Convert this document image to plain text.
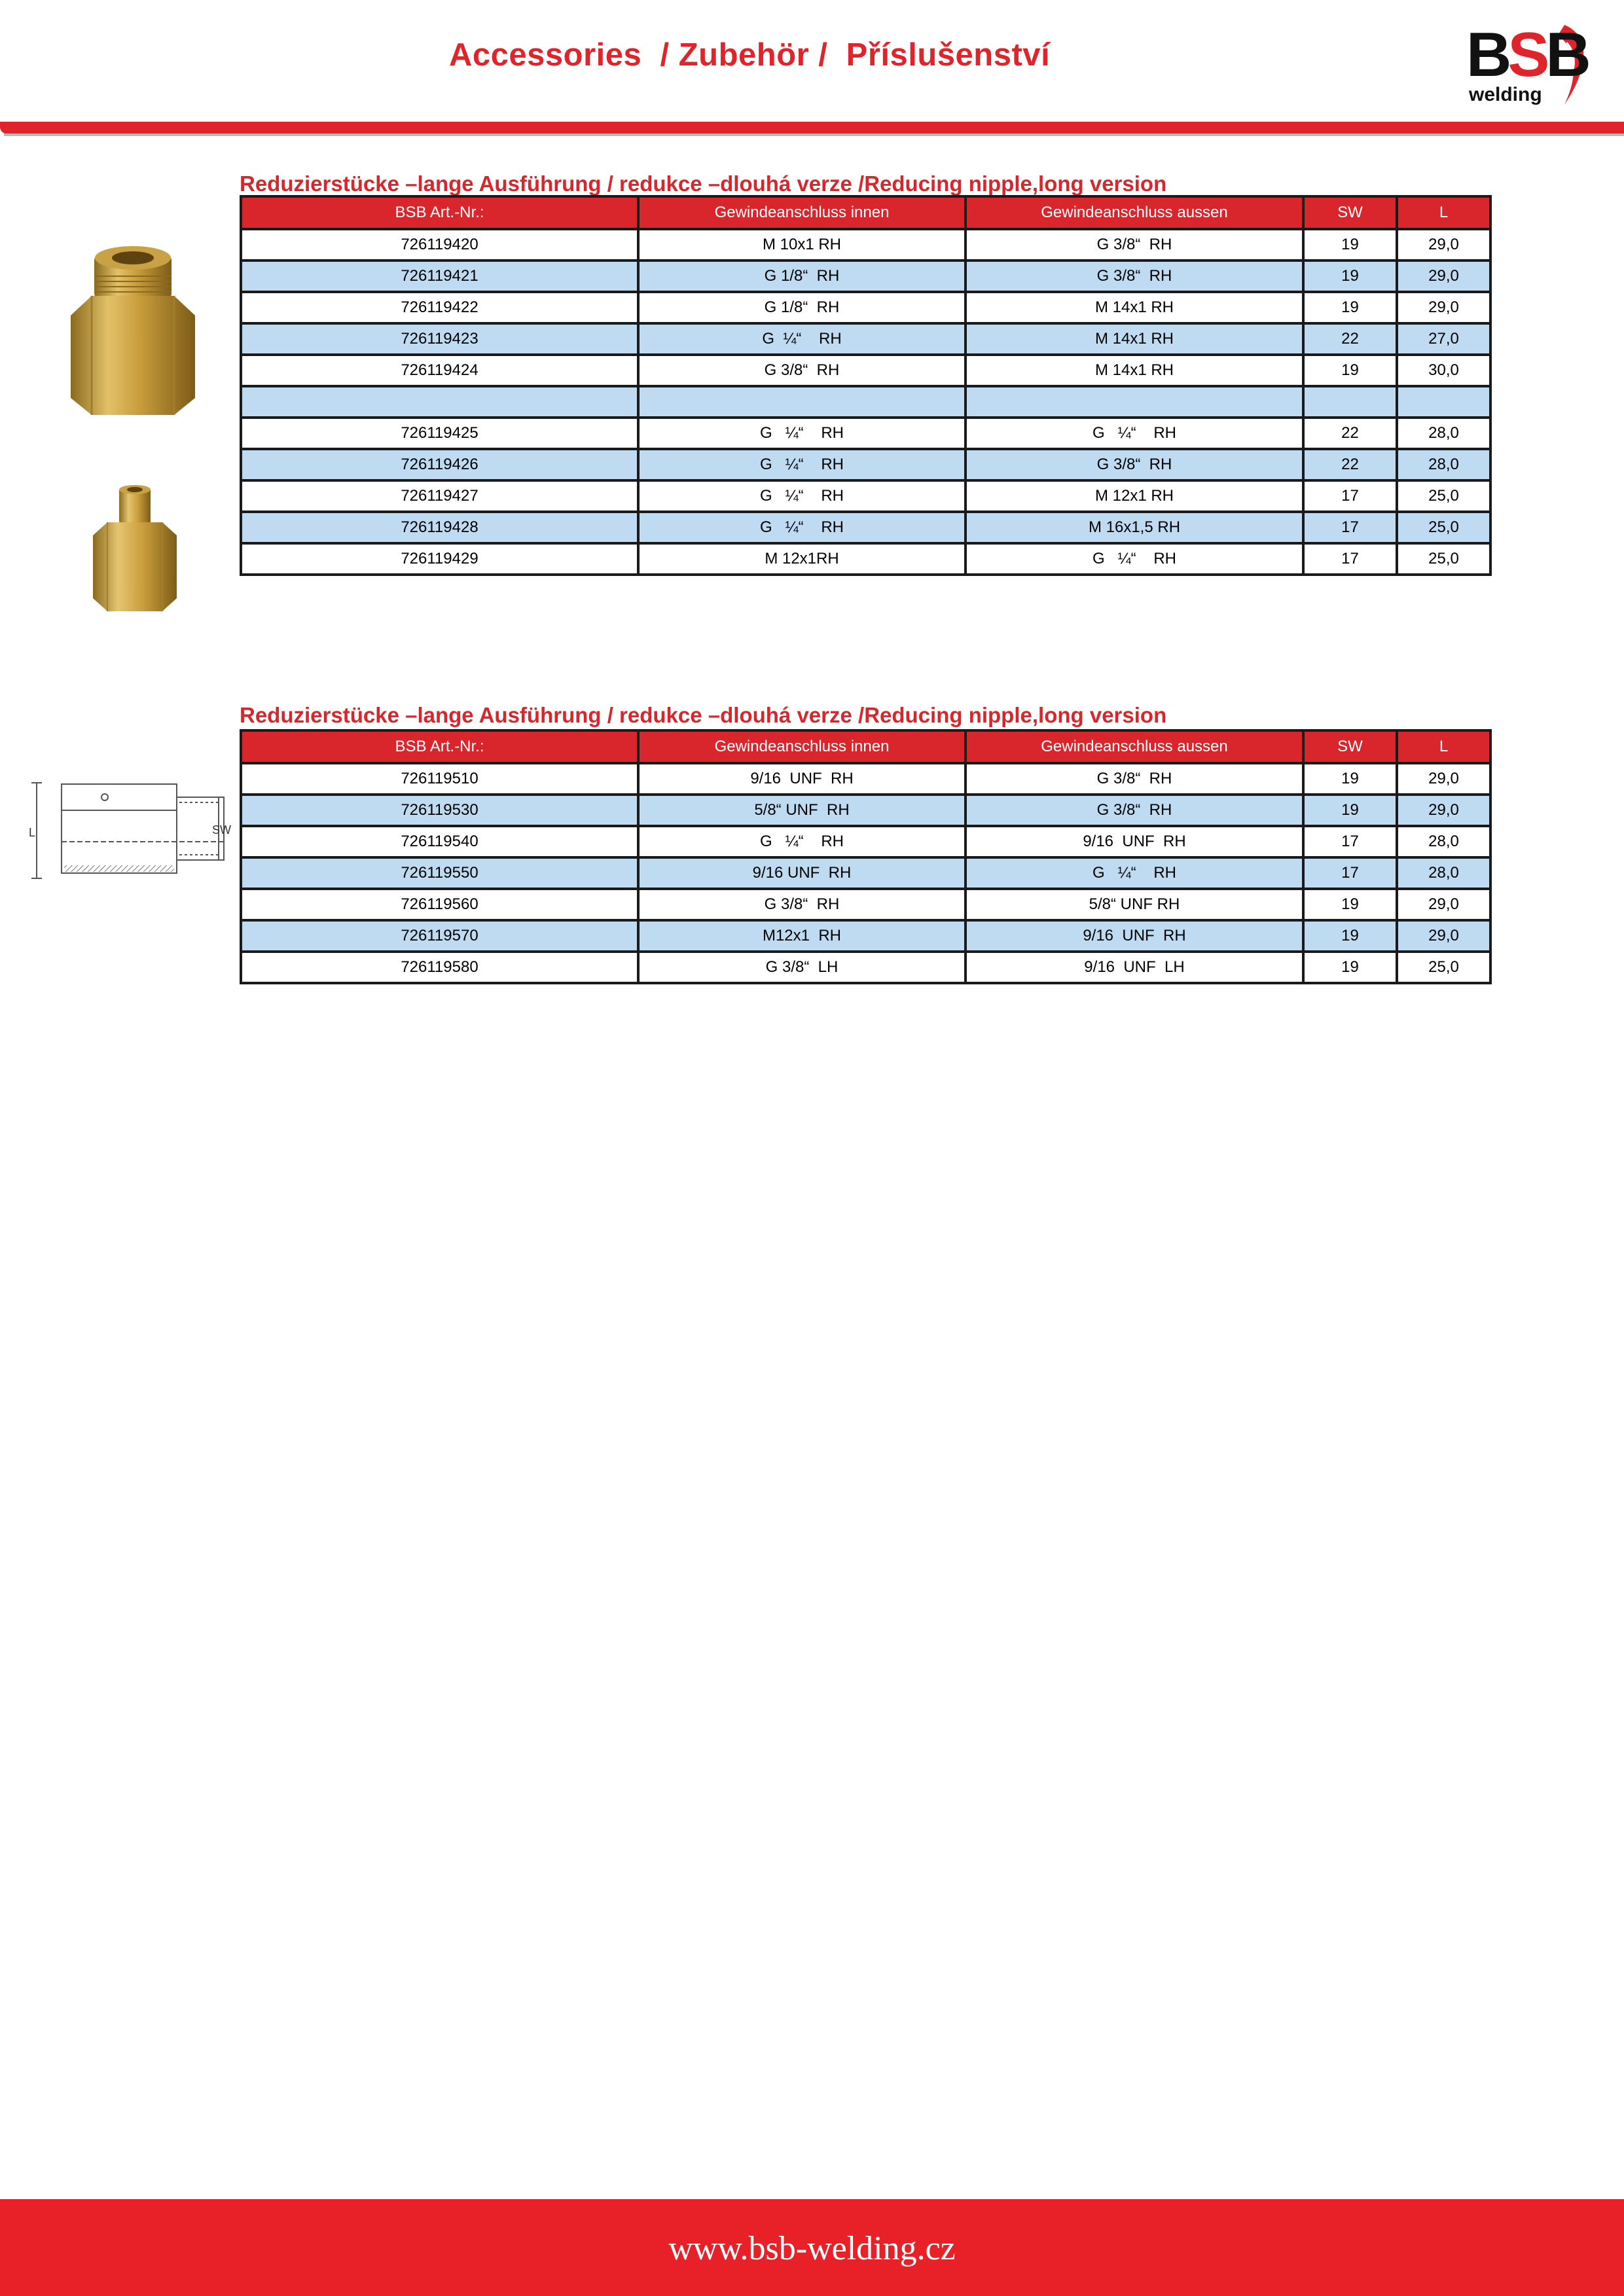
Accessories  / Zubehör /  Příslušenství	BSB
welding
Reduzierstücke –lange Ausführung / redukce –dlouhá verze /Reducing nipple,long version
BSB Art.-Nr.:	Gewindeanschluss innen	Gewindeanschluss aussen	SW	L
726119420	M 10x1 RH	G 3/8“  RH	19	29,0
726119421	G 1/8“  RH	G 3/8“  RH	19	29,0
726119422	G 1/8“  RH	M 14x1 RH	19	29,0
726119423	G  ¼“    RH	M 14x1 RH	22	27,0
726119424	G 3/8“  RH	M 14x1 RH	19	30,0

726119425	G   ¼“    RH	G   ¼“    RH	22	28,0
726119426	G   ¼“    RH	G 3/8“  RH	22	28,0
726119427	G   ¼“    RH	M 12x1 RH	17	25,0
726119428	G   ¼“    RH	M 16x1,5 RH	17	25,0
726119429	M 12x1RH	G   ¼“    RH	17	25,0
L	SW
Reduzierstücke –lange Ausführung / redukce –dlouhá verze /Reducing nipple,long version
BSB Art.-Nr.:	Gewindeanschluss innen	Gewindeanschluss aussen	SW	L
726119510	9/16  UNF  RH	G 3/8“  RH	19	29,0
726119530	5/8“ UNF  RH	G 3/8“  RH	19	29,0
726119540	G   ¼“    RH	9/16  UNF  RH	17	28,0
726119550	9/16 UNF  RH	G   ¼“    RH	17	28,0
726119560	G 3/8“  RH	5/8“ UNF RH	19	29,0
726119570	M12x1  RH	9/16  UNF  RH	19	29,0
726119580	G 3/8“  LH	9/16  UNF  LH	19	25,0
www.bsb-welding.cz
